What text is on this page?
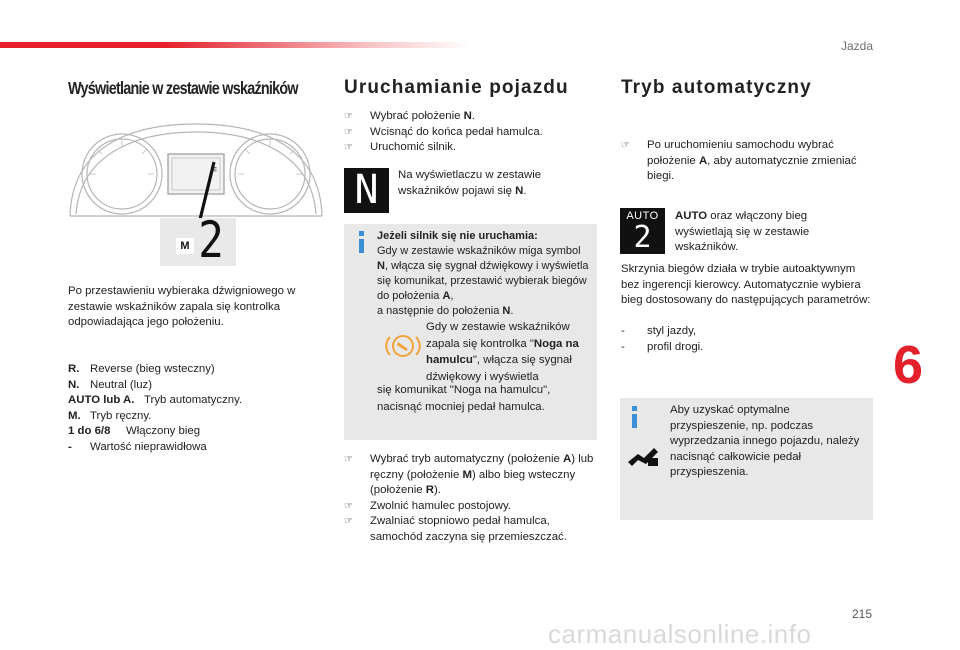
Jazda
Wyświetlanie w zestawie wskaźników
≡
M 2
Po przestawieniu wybieraka dźwigniowego w zestawie wskaźników zapala się kontrolka odpowiadająca jego położeniu.
R. Reverse (bieg wsteczny)
N. Neutral (luz)
AUTO lub A. Tryb automatyczny.
M. Tryb ręczny.
1 do 6/8 Włączony bieg
- Wartość nieprawidłowa
Uruchamianie pojazdu
☞ Wybrać położenie N.
☞ Wcisnąć do końca pedał hamulca.
☞ Uruchomić silnik.
N	Na wyświetlaczu w zestawie wskaźników pojawi się N.
Jeżeli silnik się nie uruchamia:
Gdy w zestawie wskaźników miga symbol N, włącza się sygnał dźwiękowy i wyświetla się komunikat, przestawić wybierak biegów do położenia A,
a następnie do położenia N.
Gdy w zestawie wskaźników zapala się kontrolka "Noga na hamulcu", włącza się sygnał dźwiękowy i wyświetla
się komunikat "Noga na hamulcu", nacisnąć mocniej pedał hamulca.
☞ Wybrać tryb automatyczny (położenie A) lub ręczny (położenie M) albo bieg wsteczny (położenie R).
☞ Zwolnić hamulec postojowy.
☞ Zwalniać stopniowo pedał hamulca, samochód zaczyna się przemieszczać.
Tryb automatyczny
☞ Po uruchomieniu samochodu wybrać położenie A, aby automatycznie zmieniać biegi.
AUTO
2
AUTO oraz włączony bieg wyświetlają się w zestawie wskaźników.
Skrzynia biegów działa w trybie autoaktywnym bez ingerencji kierowcy. Automatycznie wybiera bieg dostosowany do następujących parametrów:
- styl jazdy,
- profil drogi.
Aby uzyskać optymalne przyspieszenie, np. podczas wyprzedzania innego pojazdu, należy nacisnąć całkowicie pedał przyspieszenia.
6
215
carmanualsonline.info
